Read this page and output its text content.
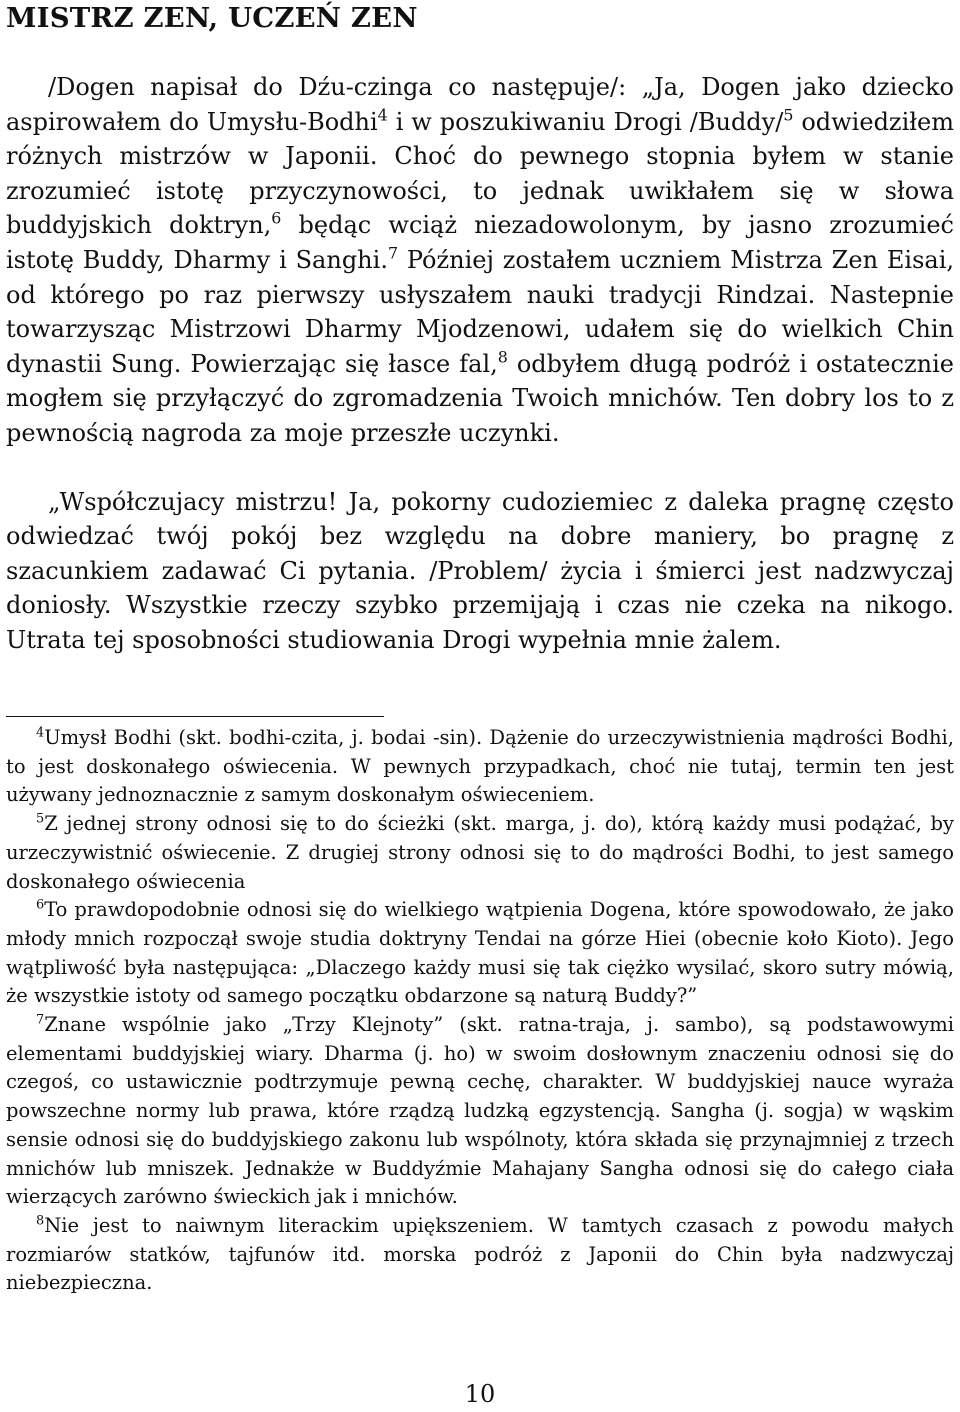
MISTRZ ZEN, UCZEŃ ZEN

/Dogen napisał do Dźu-czinga co następuje/: „Ja, Dogen jako dziecko aspirowałem do Umysłu-Bodhi$^4$ i w poszukiwaniu Drogi /Buddy/$^5$ odwiedziłem różnych mistrzów w Japonii. Choć do pewnego stopnia byłem w stanie zrozumieć istotę przyczynowości, to jednak uwikłałem się w słowa buddyjskich doktryn,$^6$ będąc wciąż niezadowolonym, by jasno zrozumieć istotę Buddy, Dharmy i Sanghi.$^7$ Później zostałem uczniem Mistrza Zen Eisai, od którego po raz pierwszy usłyszałem nauki tradycji Rindzai. Nastepnie towarzysząc Mistrzowi Dharmy Mjodzenowi, udałem się do wielkich Chin dynastii Sung. Powierzając się łasce fal,$^8$ odbyłem długą podróż i ostatecznie mogłem się przyłączyć do zgromadzenia Twoich mnichów. Ten dobry los to z pewnością nagroda za moje przeszłe uczynki.

„Współczujacy mistrzu! Ja, pokorny cudoziemiec z daleka pragnę często odwiedzać twój pokój bez względu na dobre maniery, bo pragnę z szacunkiem zadawać Ci pytania. /Problem/ życia i śmierci jest nadzwyczaj doniosły. Wszystkie rzeczy szybko przemijają i czas nie czeka na nikogo. Utrata tej sposobności studiowania Drogi wypełnia mnie żalem.

$^4$Umysł Bodhi (skt. bodhi-czita, j. bodai -sin). Dążenie do urzeczywistnienia mądrości Bodhi, to jest doskonałego oświecenia. W pewnych przypadkach, choć nie tutaj, termin ten jest używany jednoznacznie z samym doskonałym oświeceniem.

$^5$Z jednej strony odnosi się to do ścieżki (skt. marga, j. do), którą każdy musi podążać, by urzeczywistnić oświecenie. Z drugiej strony odnosi się to do mądrości Bodhi, to jest samego doskonałego oświecenia

$^6$To prawdopodobnie odnosi się do wielkiego wątpienia Dogena, które spowodowało, że jako młody mnich rozpoczął swoje studia doktryny Tendai na górze Hiei (obecnie koło Kioto). Jego wątpliwość była następująca: „Dlaczego każdy musi się tak ciężko wysilać, skoro sutry mówią, że wszystkie istoty od samego początku obdarzone są naturą Buddy?”

$^7$Znane wspólnie jako „Trzy Klejnoty” (skt. ratna-traja, j. sambo), są podstawowymi elementami buddyjskiej wiary. Dharma (j. ho) w swoim dosłownym znaczeniu odnosi się do czegoś, co ustawicznie podtrzymuje pewną cechę, charakter. W buddyjskiej nauce wyraża powszechne normy lub prawa, które rządzą ludzką egzystencją. Sangha (j. sogja) w wąskim sensie odnosi się do buddyjskiego zakonu lub wspólnoty, która składa się przynajmniej z trzech mnichów lub mniszek. Jednakże w Buddyźmie Mahajany Sangha odnosi się do całego ciała wierzących zarówno świeckich jak i mnichów.

$^8$Nie jest to naiwnym literackim upiększeniem. W tamtych czasach z powodu małych rozmiarów statków, tajfunów itd. morska podróż z Japonii do Chin była nadzwyczaj niebezpieczna.

10
